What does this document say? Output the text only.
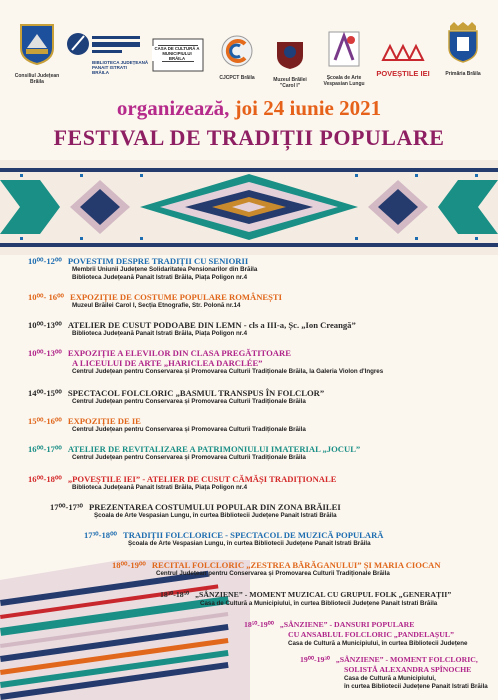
Consiliul Județean
Brăila
CJCPCT Brăila	Muzeul Brăilei
"Carol I"
Școala de Arte
Vespasian Lungu
POVEȘTILE IEI	Primăria Brăila
organizează, joi 24 iunie 2021
FESTIVAL DE TRADIȚII POPULARE
10⁰⁰-12⁰⁰ POVESTIM DESPRE TRADIȚII CU SENIORII
Membrii Uniunii Județene Solidaritatea Pensionarilor din Brăila
Biblioteca Județeană Panait Istrati Brăila, Piața Poligon nr.4
10⁰⁰- 16⁰⁰ EXPOZIȚIE DE COSTUME POPULARE ROMÂNEȘTI
Muzeul Brăilei Carol I, Secția Etnografie, Str. Polonă nr.14
10⁰⁰-13⁰⁰ ATELIER DE CUSUT PODOABE DIN LEMN - cls a III-a, Șc. „Ion Creangă”
Biblioteca Județeană Panait Istrati Brăila, Piața Poligon nr.4
10⁰⁰-13⁰⁰ EXPOZIȚIE A ELEVILOR DIN CLASA PREGĂTITOARE
A LICEULUI DE ARTE „HARICLEA DARCLÉE”
Centrul Județean pentru Conservarea și Promovarea Culturii Tradiționale Brăila, la Galeria Violon d'Ingres
14⁰⁰-15⁰⁰ SPECTACOL FOLCLORIC „BASMUL TRANSPUS ÎN FOLCLOR”
Centrul Județean pentru Conservarea și Promovarea Culturii Tradiționale Brăila
15⁰⁰-16⁰⁰ EXPOZIȚIE DE IE
Centrul Județean pentru Conservarea și Promovarea Culturii Tradiționale Brăila
16⁰⁰-17⁰⁰ ATELIER DE REVITALIZARE A PATRIMONIULUI IMATERIAL „JOCUL”
Centrul Județean pentru Conservarea și Promovarea Culturii Tradiționale Brăila
16⁰⁰-18⁰⁰ „POVEȘTILE IEI” - ATELIER DE CUSUT CĂMĂȘI TRADIȚIONALE
Biblioteca Județeană Panait Istrati Brăila, Piața Poligon nr.4
17⁰⁰-17³⁰ PREZENTAREA COSTUMULUI POPULAR DIN ZONA BRĂILEI
Școala de Arte Vespasian Lungu, în curtea Bibliotecii Județene Panait Istrati Brăila
17³⁰-18⁰⁰ TRADIȚII FOLCLORICE - SPECTACOL DE MUZICĂ POPULARĂ
Școala de Arte Vespasian Lungu, în curtea Bibliotecii Județene Panait Istrati Brăila
18⁰⁰-19⁰⁰ RECITAL FOLCLORIC „ZESTREA BĂRĂGANULUI” ȘI MARIA CIOCAN
Centrul Județean pentru Conservarea și Promovarea Culturii Tradiționale Brăila
18³⁰-18⁵⁰ „SÂNZIENE” - MOMENT MUZICAL CU GRUPUL FOLK „GENERAȚII”
Casa de Cultură a Municipiului, în curtea Bibliotecii Județene Panait Istrati Brăila
18⁵⁰-19⁰⁰ „SÂNZIENE” - DANSURI POPULARE
CU ANSABLUL FOLCLORIC „PANDELAȘUL”
Casa de Cultură a Municipiului, în curtea Bibliotecii Județene
19⁰⁰-19³⁰ „SÂNZIENE” - MOMENT FOLCLORIC,
SOLISTĂ ALEXANDRA SPÎNOCHE
Casa de Cultură a Municipiului,
în curtea Bibliotecii Județene Panait Istrati Brăila
BIBLIOTECA JUDEȚEANĂ
PANAIT ISTRATI
BRĂILA
CASA DE CULTURĂ A
MUNICIPIULUI
BRĂILA
